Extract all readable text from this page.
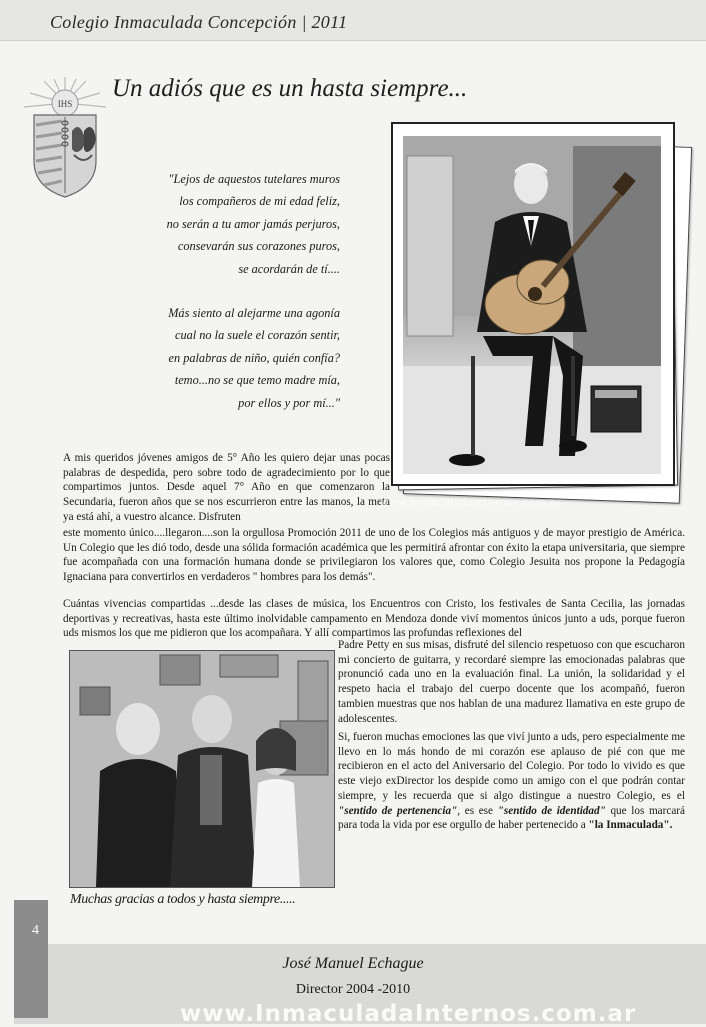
Colegio Inmaculada Concepción | 2011
IHS
Un adiós que es un hasta siempre...

"Lejos de aquestos tutelares muros

los compañeros de mi edad feliz,

no serán a tu amor jamás perjuros,

consevarán sus corazones puros,

se acordarán de tí....

Más siento al alejarme una agonía

cual no la suele el corazón sentir,

en palabras de niño, quién confía?

temo...no se que temo madre mía,

por ellos y por mí..."

A mis queridos jóvenes amigos de 5° Año les quiero dejar unas pocas palabras de despedida, pero sobre todo de agradecimiento por lo que compartimos juntos. Desde aquel 7° Año en que comenzaron la Secundaria, fueron años que se nos escurrieron entre las manos, la meta ya está ahí, a vuestro alcance. Disfruten

www.InmaculadaInternos.com.ar

este momento único....llegaron....son la orgullosa Promoción 2011 de uno de los Colegios más antiguos y de mayor prestigio de América. Un Colegio que les dió todo, desde una sólida formación académica que les permitirá afrontar con éxito la etapa universitaria, que siempre fue acompañada con una formación humana donde se privilegiaron los valores que, como Colegio Jesuita nos propone la Pedagogía Ignaciana para convertirlos en verdaderos " hombres para los demás".

Cuántas vivencias compartidas ...desde las clases de música, los Encuentros con Cristo, los festivales de Santa Cecilia, las jornadas deportivas y recreativas, hasta este último inolvidable campamento en Mendoza donde viví momentos únicos junto a uds, porque fueron uds mismos los que me pidieron que los acompañara. Y allí compartimos las profundas reflexiones del

Padre Petty en sus misas, disfruté del silencio respetuoso con que escucharon mi concierto de guitarra, y recordaré siempre las emocionadas palabras que pronunció cada uno en la evaluación final. La unión, la solidaridad y el respeto hacia el trabajo del cuerpo docente que los acompañó, fueron tambien muestras que nos hablan de una madurez llamativa en este grupo de adolescentes.

Si, fueron muchas emociones las que viví junto a uds, pero especialmente me llevo en lo más hondo de mi corazón ese aplauso de pié con que me recibieron en el acto del Aniversario del Colegio. Por todo lo vivido es que este viejo exDirector los despide como un amigo con el que podrán contar siempre, y les recuerda que si algo distingue a nuestro Colegio, es el "sentido de pertenencia", es ese "sentido de identidad" que los marcará para toda la vida por ese orgullo de haber pertenecido a "la Inmaculada".

Muchas gracias a todos y hasta siempre.....
4
José Manuel Echague
Director 2004 -2010
www.InmaculadaInternos.com.ar
